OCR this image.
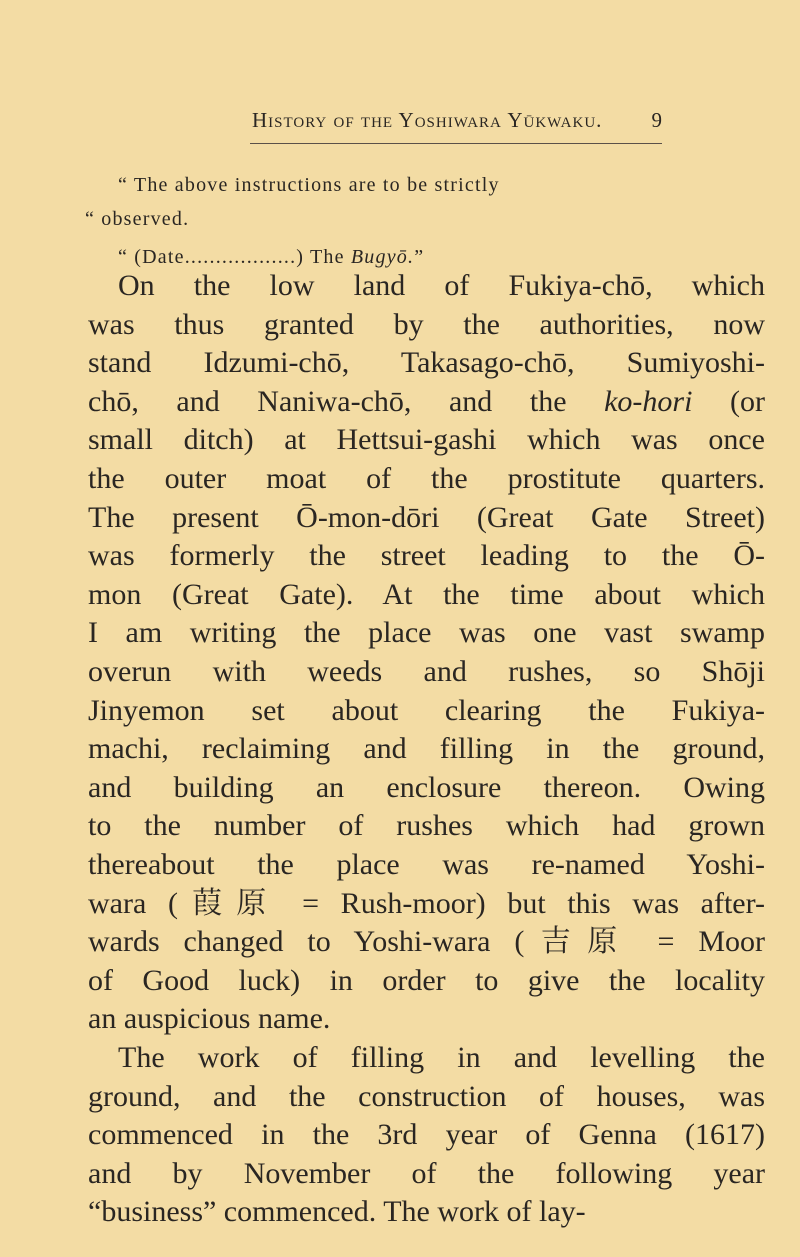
History of the Yoshiwara Yūkwaku. 9
“ The above instructions are to be strictly
“ observed.
“ (Date..................) The Bugyō.”
On the low land of Fukiya-chō, which
was thus granted by the authorities, now
stand Idzumi-chō, Takasago-chō, Sumiyoshi-
chō, and Naniwa-chō, and the ko-hori (or
small ditch) at Hettsui-gashi which was once
the outer moat of the prostitute quarters.
The present Ō-mon-dōri (Great Gate Street)
was formerly the street leading to the Ō-
mon (Great Gate). At the time about which
I am writing the place was one vast swamp
overun with weeds and rushes, so Shōji
Jinyemon set about clearing the Fukiya-
machi, reclaiming and filling in the ground,
and building an enclosure thereon. Owing
to the number of rushes which had grown
thereabout the place was re-named Yoshi-
wara (葭原 = Rush-moor) but this was after-
wards changed to Yoshi-wara (吉原 = Moor
of Good luck) in order to give the locality
an auspicious name.
The work of filling in and levelling the
ground, and the construction of houses, was
commenced in the 3rd year of Genna (1617)
and by November of the following year
“business” commenced. The work of lay-
